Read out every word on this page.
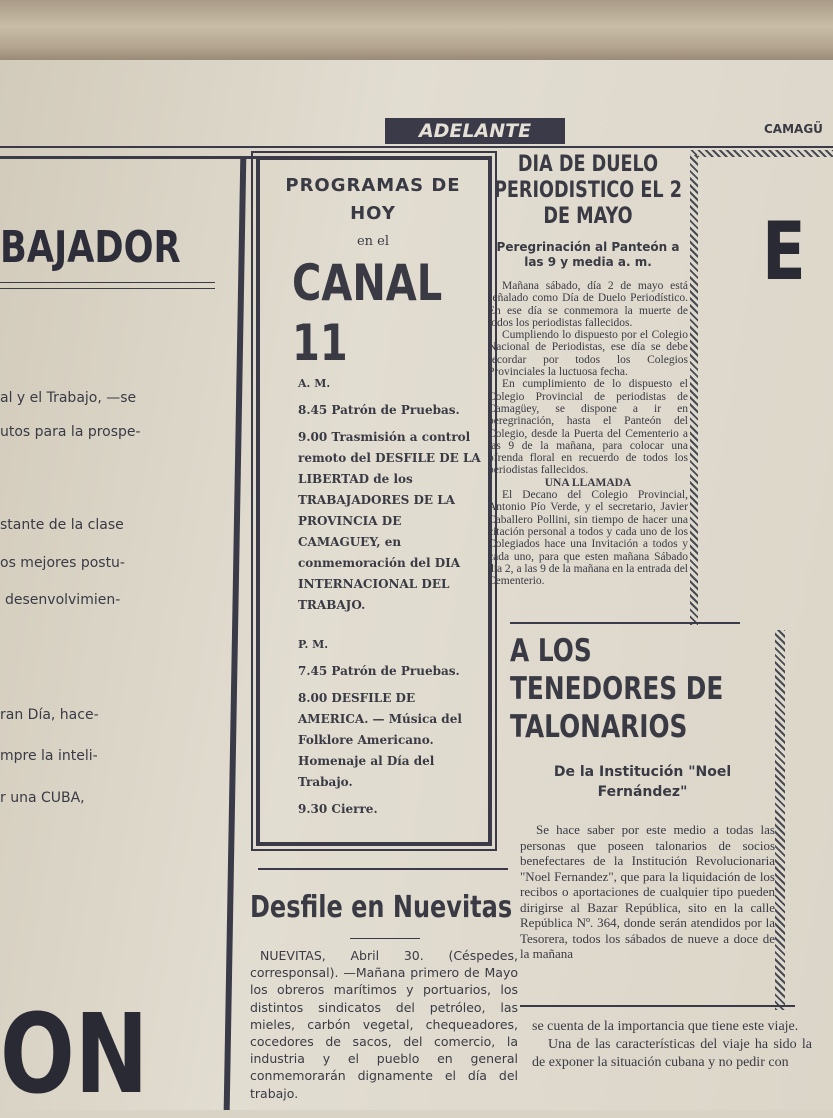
ADELANTE	CAMAGÜ
BAJADOR

al y el Trabajo, —se

utos para la prospe-

stante de la clase

os mejores postu-

desenvolvimien-

ran Día, hace-

mpre la inteli-

r una CUBA,

ON
E
PROGRAMAS DE HOY
en el
CANAL 11

A. M.

8.45 Patrón de Pruebas.

9.00 Trasmisión a control remoto del DESFILE DE LA LIBERTAD de los TRABAJADORES DE LA PROVINCIA DE CAMAGUEY, en conmemoración del DIA INTERNACIONAL DEL TRABAJO.

P. M.

7.45 Patrón de Pruebas.

8.00 DESFILE DE AMERICA. — Música del Folklore Americano. Homenaje al Día del Trabajo.

9.30 Cierre.

DIA DE DUELO PERIODISTICO EL 2 DE MAYO
Peregrinación al Panteón a las 9 y media a. m.
Mañana sábado, día 2 de mayo está señalado como Día de Duelo Periodístico. En ese día se conmemora la muerte de todos los periodistas fallecidos.
Cumpliendo lo dispuesto por el Colegio Nacional de Periodistas, ese día se debe recordar por todos los Colegios Provinciales la luctuosa fecha.
En cumplimiento de lo dispuesto el Colegio Provincial de periodistas de Camagüey, se dispone a ir en peregrinación, hasta el Panteón del Colegio, desde la Puerta del Cementerio a las 9 de la mañana, para colocar una ofrenda floral en recuerdo de todos los periodistas fallecidos.
UNA LLAMADA
El Decano del Colegio Provincial, Antonio Pío Verde, y el secretario, Javier Caballero Pollini, sin tiempo de hacer una citación personal a todos y cada uno de los Colegiados hace una Invitación a todos y cada uno, para que esten mañana Sábado día 2, a las 9 de la mañana en la entrada del Cementerio.
A LOS TENEDORES DE TALONARIOS
De la Institución "Noel Fernández"
Se hace saber por este medio a todas las personas que poseen talonarios de socios benefectares de la Institución Revolucionaria "Noel Fernandez", que para la liquidación de los recibos o aportaciones de cualquier tipo pueden dirigirse al Bazar República, sito en la calle República Nº. 364, donde serán atendidos por la Tesorera, todos los sábados de nueve a doce de la mañana
Desfile en Nuevitas
NUEVITAS, Abril 30. (Céspedes, corresponsal). —Mañana primero de Mayo los obreros marítimos y portuarios, los distintos sindicatos del petróleo, las mieles, carbón vegetal, chequeadores, cocedores de sacos, del comercio, la industria y el pueblo en general conmemorarán dignamente el día del trabajo.
se cuenta de la importancia que tiene este viaje.
Una de las características del viaje ha sido la de exponer la situación cubana y no pedir con
